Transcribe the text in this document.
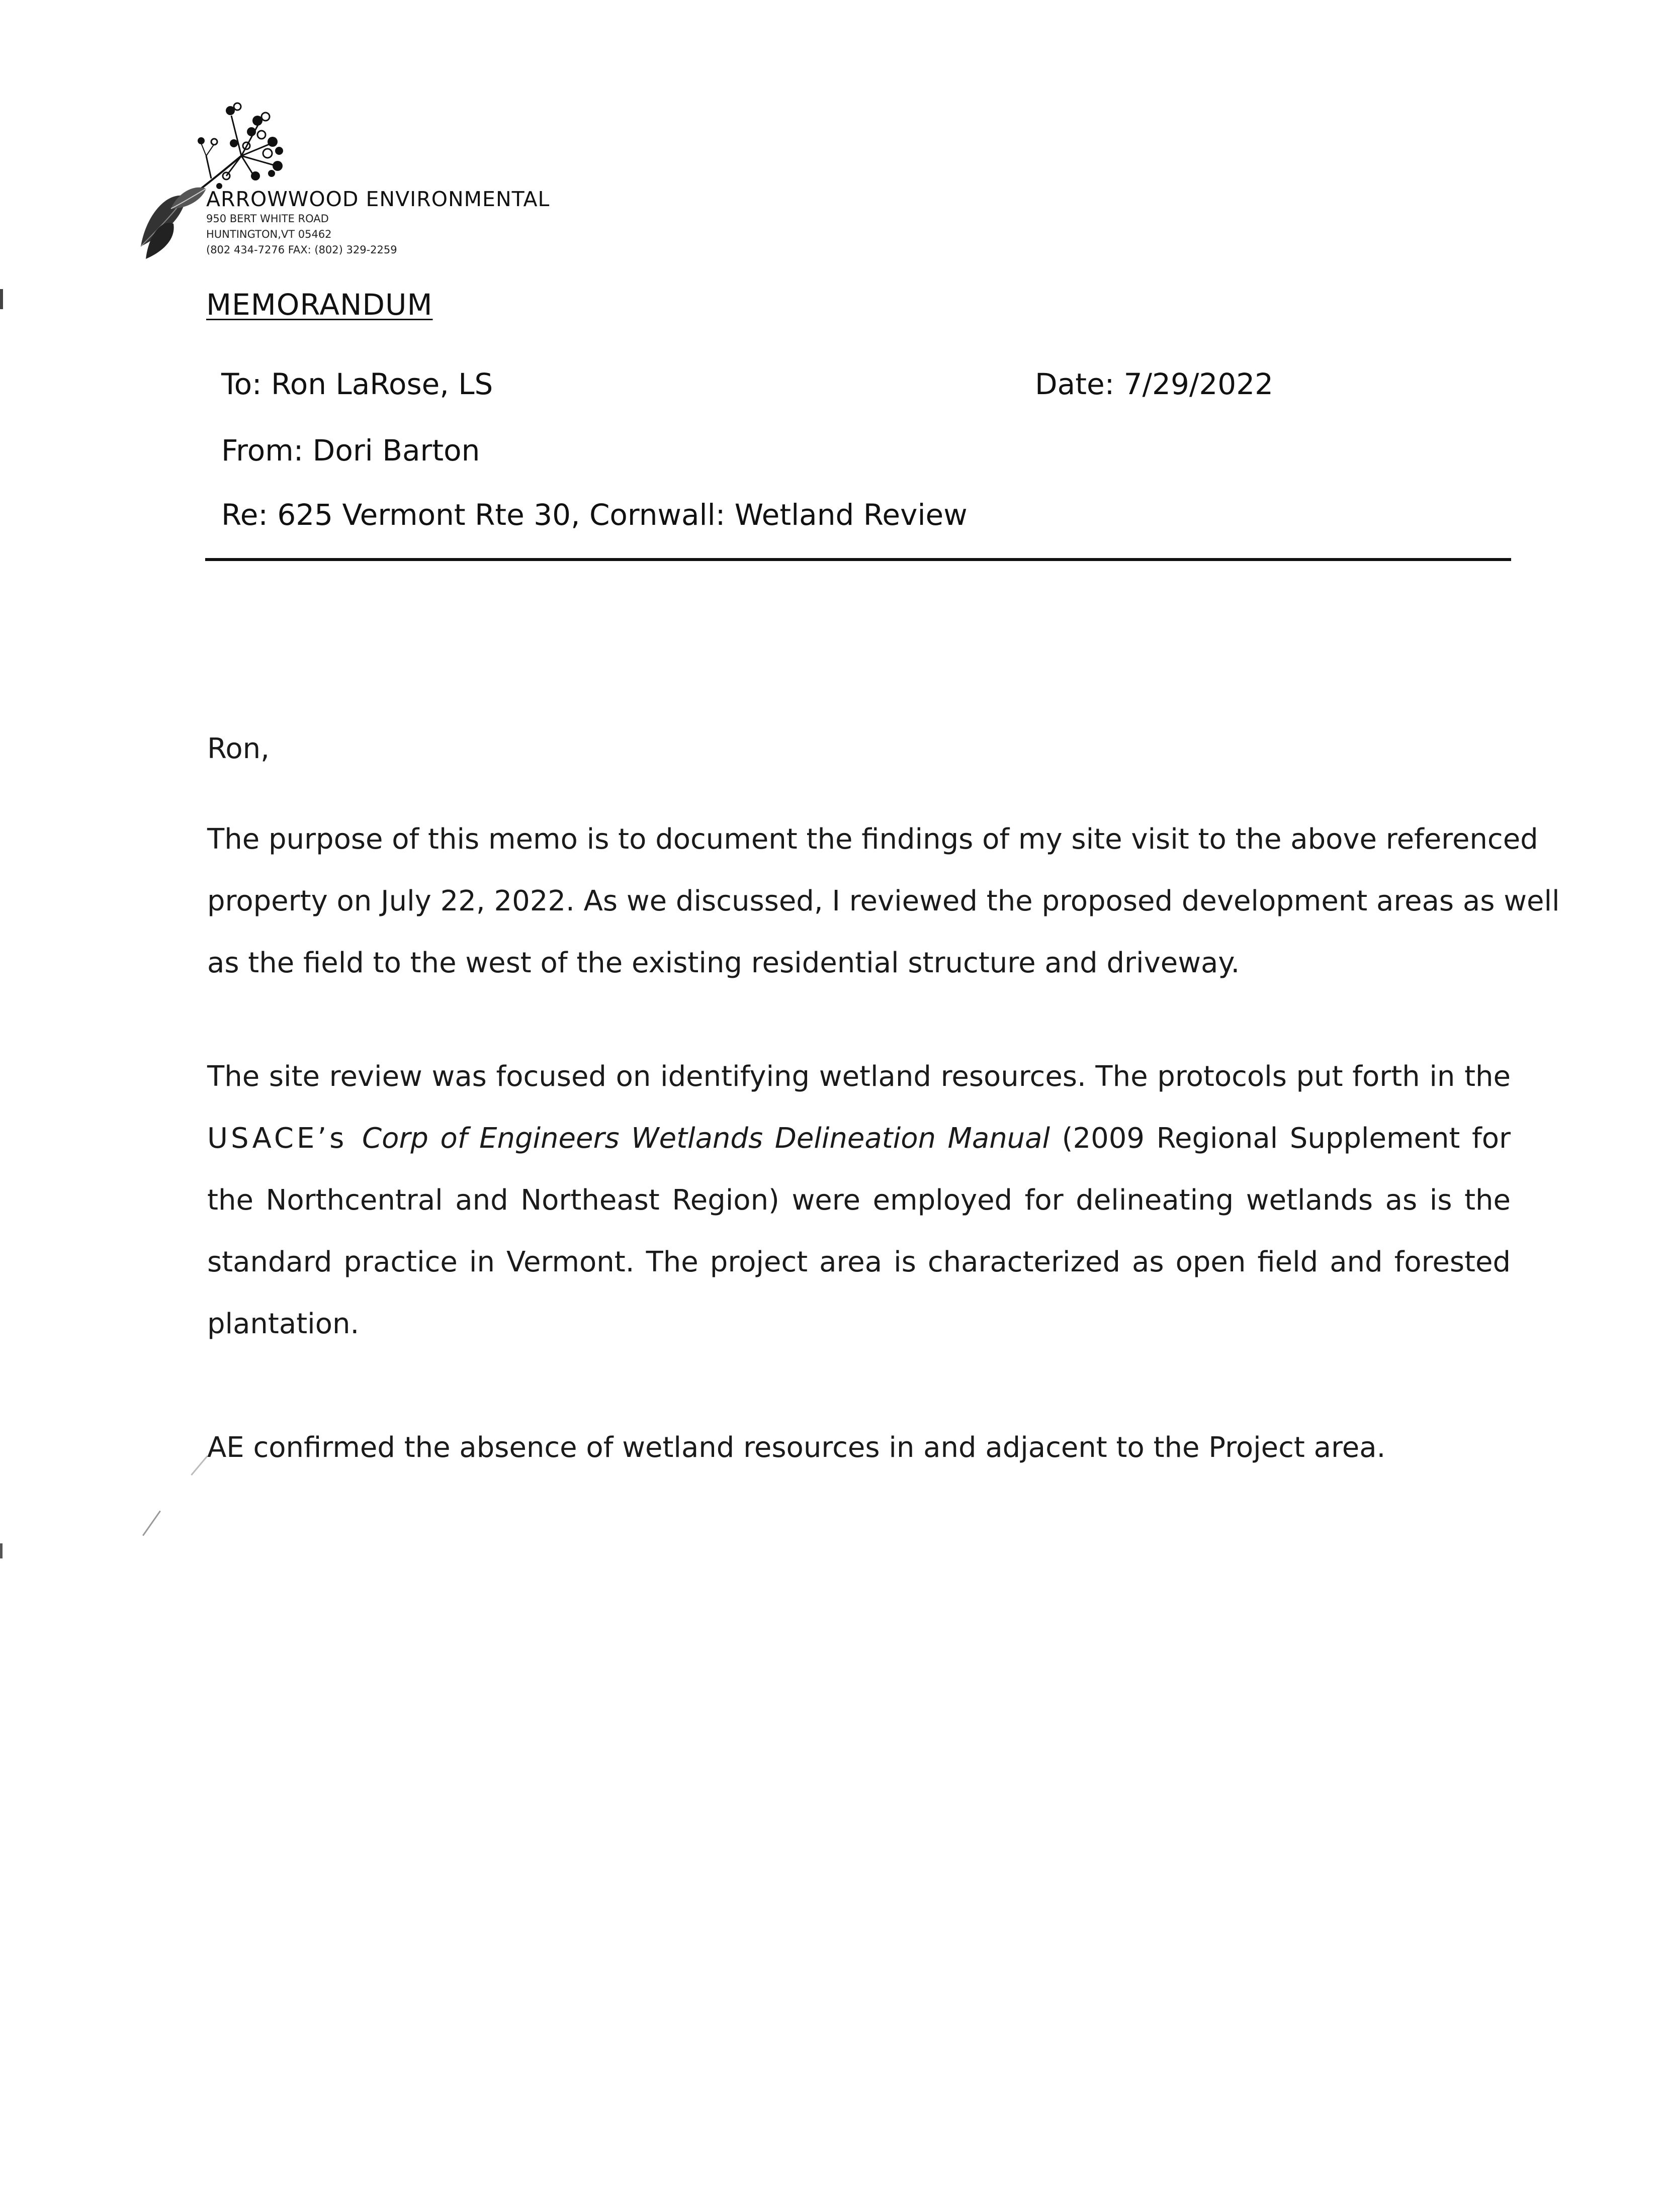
ARROWWOOD ENVIRONMENTAL
950 BERT WHITE ROAD
HUNTINGTON,VT 05462
(802 434-7276 FAX: (802) 329-2259
MEMORANDUM
To: Ron LaRose, LS	Date: 7/29/2022
From: Dori Barton
Re: 625 Vermont Rte 30, Cornwall: Wetland Review
Ron,
The purpose of this memo is to document the findings of my site visit to the above referenced
property on July 22, 2022. As we discussed, I reviewed the proposed development areas as well
as the field to the west of the existing residential structure and driveway.
The site review was focused on identifying wetland resources. The protocols put forth in the
USACE’s Corp of Engineers Wetlands Delineation Manual (2009 Regional Supplement for
the Northcentral and Northeast Region) were employed for delineating wetlands as is the
standard practice in Vermont. The project area is characterized as open field and forested
plantation.
AE confirmed the absence of wetland resources in and adjacent to the Project area.
